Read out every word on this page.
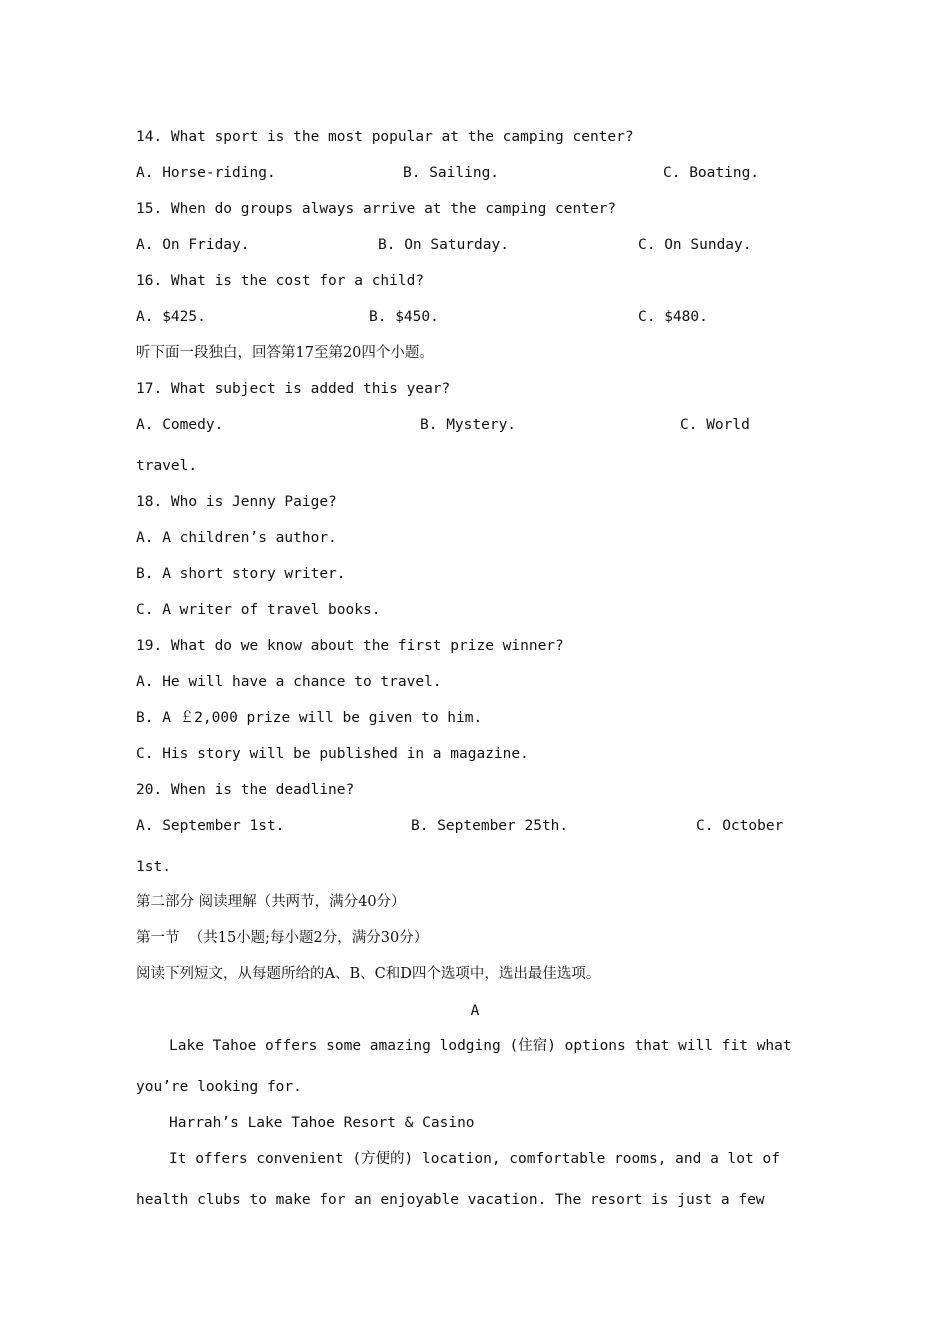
14. What sport is the most popular at the camping center?
A. Horse-riding.	B. Sailing.	C. Boating.
15. When do groups always arrive at the camping center?
A. On Friday.	B. On Saturday.	C. On Sunday.
16. What is the cost for a child?
A. $425.	B. $450.	C. $480.
听下面一段独白，回答第17至第20四个小题。
17. What subject is added this year?
A. Comedy.	B. Mystery.	C. World
travel.
18. Who is Jenny Paige?
A. A children’s author.
B. A short story writer.
C. A writer of travel books.
19. What do we know about the first prize winner?
A. He will have a chance to travel.
B. A ￡2,000 prize will be given to him.
C. His story will be published in a magazine.
20. When is the deadline?
A. September 1st.	B. September 25th.	C. October
1st.
第二部分 阅读理解（共两节，满分40分）
第一节  （共15小题;每小题2分，满分30分）
阅读下列短文，从每题所给的A、B、C和D四个选项中，选出最佳选项。
A
Lake Tahoe offers some amazing lodging (住宿) options that will fit what
you’re looking for.
Harrah’s Lake Tahoe Resort & Casino
It offers convenient (方便的) location, comfortable rooms, and a lot of
health clubs to make for an enjoyable vacation. The resort is just a few
